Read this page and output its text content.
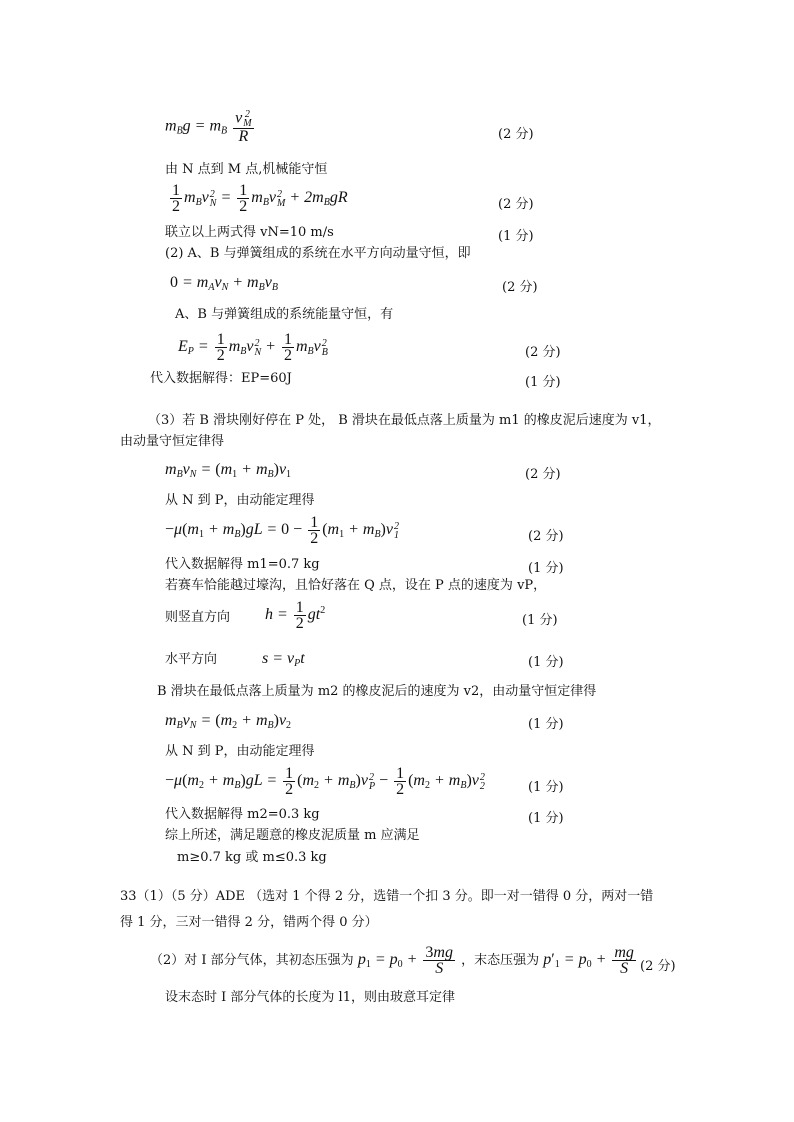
$m_Bg = m_B$ v 2
M
R	(2 分)
由 N 点到 M 点,机械能守恒
$\frac{1}{2} m_Bv$ 2
$N = \frac{1}{2} m_Bv$ 2
$M + 2m_BgR$	(2 分)
联立以上两式得 vN=10 m/s	(1 分)
(2) A、B 与弹簧组成的系统在水平方向动量守恒，即
$0 = m_Av_N + m_Bv_B$	(2 分)
A、B 与弹簧组成的系统能量守恒，有
$E_P = \frac{1}{2} m_Bv$ 2
$N + \frac{1}{2} m_Bv$ 2
B	(2 分)
代入数据解得：EP=60J	(1 分)
（3）若 B 滑块刚好停在 P 处， B 滑块在最低点落上质量为 m1 的橡皮泥后速度为 v1，
由动量守恒定律得
$m_Bv_N = (m_1 + m_B)v_1$	(2 分)
从 N 到 P，由动能定理得
$-\mu(m_1 + m_B)gL = 0 - \frac{1}{2} (m_1 + m_B)v$ 2
1	(2 分)
代入数据解得 m1=0.7 kg	(1 分)
若赛车恰能越过壕沟，且恰好落在 Q 点，设在 P 点的速度为 vP，
则竖直方向 $h = \frac{1}{2} gt^2$
(1 分)
水平方向	$s = v_Pt$	(1 分)
B 滑块在最低点落上质量为 m2 的橡皮泥后的速度为 v2，由动量守恒定律得
$m_Bv_N = (m_2 + m_B)v_2$	(1 分)
从 N 到 P，由动能定理得
$-\mu(m_2 + m_B)gL = \frac{1}{2} (m_2 + m_B)v$ 2
$P - \frac{1}{2} (m_2 + m_B)v$ 2
2	(1 分)
代入数据解得 m2=0.3 kg	(1 分)
综上所述，满足题意的橡皮泥质量 m 应满足
m≥0.7 kg 或 m≤0.3 kg
33（1）（5 分）ADE （选对 1 个得 2 分，选错一个扣 3 分。即一对一错得 0 分，两对一错
得 1 分，三对一错得 2 分，错两个得 0 分）
（2）对 I 部分气体，其初态压强为 $p_1 = p_0 + \frac{3mg}{S}$ ，末态压强为 $p'_1 = p_0 + \frac{mg}{S} (2$ 分)
设末态时 I 部分气体的长度为 l1，则由玻意耳定律
